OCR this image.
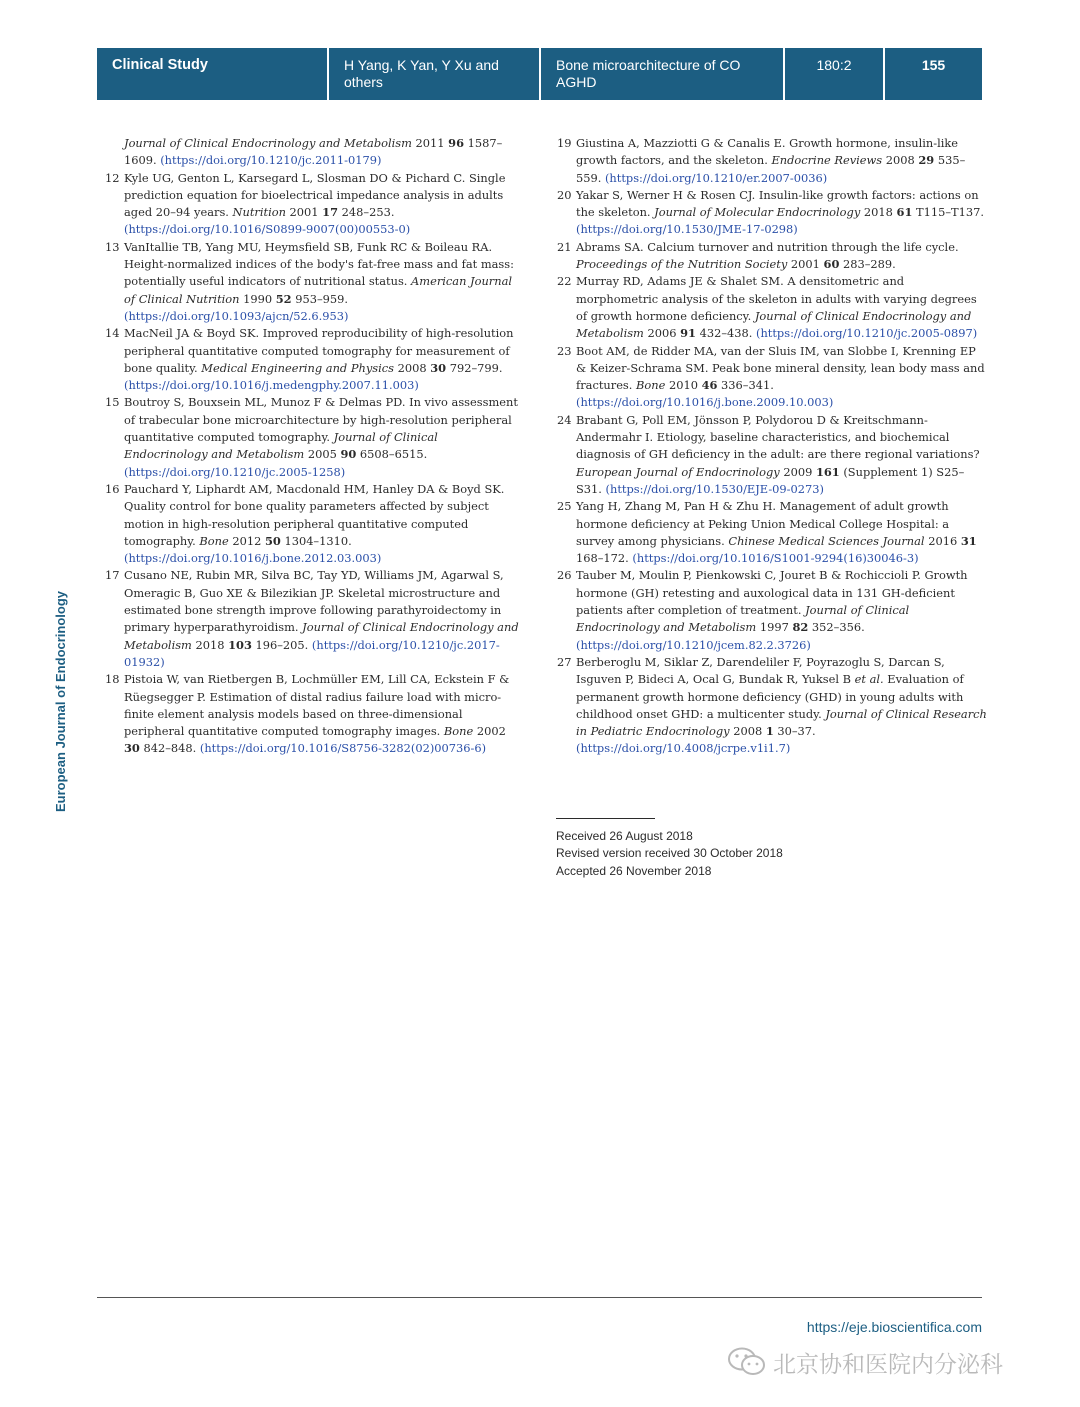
Clinical Study	H Yang, K Yan, Y Xu and others
Bone microarchitecture of CO AGHD
180:2	155
European Journal of Endocrinology
Journal of Clinical Endocrinology and Metabolism 2011 96 1587–1609. (https://doi.org/10.1210/jc.2011-0179)
12 Kyle UG, Genton L, Karsegard L, Slosman DO & Pichard C. Single prediction equation for bioelectrical impedance analysis in adults aged 20–94 years. Nutrition 2001 17 248–253. (https://doi.org/10.1016/S0899-9007(00)00553-0)
13 VanItallie TB, Yang MU, Heymsfield SB, Funk RC & Boileau RA. Height-normalized indices of the body's fat-free mass and fat mass: potentially useful indicators of nutritional status. American Journal of Clinical Nutrition 1990 52 953–959. (https://doi.org/10.1093/ajcn/52.6.953)
14 MacNeil JA & Boyd SK. Improved reproducibility of high-resolution peripheral quantitative computed tomography for measurement of bone quality. Medical Engineering and Physics 2008 30 792–799. (https://doi.org/10.1016/j.medengphy.2007.11.003)
15 Boutroy S, Bouxsein ML, Munoz F & Delmas PD. In vivo assessment of trabecular bone microarchitecture by high-resolution peripheral quantitative computed tomography. Journal of Clinical Endocrinology and Metabolism 2005 90 6508–6515. (https://doi.org/10.1210/jc.2005-1258)
16 Pauchard Y, Liphardt AM, Macdonald HM, Hanley DA & Boyd SK. Quality control for bone quality parameters affected by subject motion in high-resolution peripheral quantitative computed tomography. Bone 2012 50 1304–1310. (https://doi.org/10.1016/j.bone.2012.03.003)
17 Cusano NE, Rubin MR, Silva BC, Tay YD, Williams JM, Agarwal S, Omeragic B, Guo XE & Bilezikian JP. Skeletal microstructure and estimated bone strength improve following parathyroidectomy in primary hyperparathyroidism. Journal of Clinical Endocrinology and Metabolism 2018 103 196–205. (https://doi.org/10.1210/jc.2017-01932)
18 Pistoia W, van Rietbergen B, Lochmüller EM, Lill CA, Eckstein F & Rüegsegger P. Estimation of distal radius failure load with micro-finite element analysis models based on three-dimensional peripheral quantitative computed tomography images. Bone 2002 30 842–848. (https://doi.org/10.1016/S8756-3282(02)00736-6)
19 Giustina A, Mazziotti G & Canalis E. Growth hormone, insulin-like growth factors, and the skeleton. Endocrine Reviews 2008 29 535–559. (https://doi.org/10.1210/er.2007-0036)
20 Yakar S, Werner H & Rosen CJ. Insulin-like growth factors: actions on the skeleton. Journal of Molecular Endocrinology 2018 61 T115–T137. (https://doi.org/10.1530/JME-17-0298)
21 Abrams SA. Calcium turnover and nutrition through the life cycle. Proceedings of the Nutrition Society 2001 60 283–289.
22 Murray RD, Adams JE & Shalet SM. A densitometric and morphometric analysis of the skeleton in adults with varying degrees of growth hormone deficiency. Journal of Clinical Endocrinology and Metabolism 2006 91 432–438. (https://doi.org/10.1210/jc.2005-0897)
23 Boot AM, de Ridder MA, van der Sluis IM, van Slobbe I, Krenning EP & Keizer-Schrama SM. Peak bone mineral density, lean body mass and fractures. Bone 2010 46 336–341. (https://doi.org/10.1016/j.bone.2009.10.003)
24 Brabant G, Poll EM, Jönsson P, Polydorou D & Kreitschmann-Andermahr I. Etiology, baseline characteristics, and biochemical diagnosis of GH deficiency in the adult: are there regional variations? European Journal of Endocrinology 2009 161 (Supplement 1) S25–S31. (https://doi.org/10.1530/EJE-09-0273)
25 Yang H, Zhang M, Pan H & Zhu H. Management of adult growth hormone deficiency at Peking Union Medical College Hospital: a survey among physicians. Chinese Medical Sciences Journal 2016 31 168–172. (https://doi.org/10.1016/S1001-9294(16)30046-3)
26 Tauber M, Moulin P, Pienkowski C, Jouret B & Rochiccioli P. Growth hormone (GH) retesting and auxological data in 131 GH-deficient patients after completion of treatment. Journal of Clinical Endocrinology and Metabolism 1997 82 352–356. (https://doi.org/10.1210/jcem.82.2.3726)
27 Berberoglu M, Siklar Z, Darendeliler F, Poyrazoglu S, Darcan S, Isguven P, Bideci A, Ocal G, Bundak R, Yuksel B et al. Evaluation of permanent growth hormone deficiency (GHD) in young adults with childhood onset GHD: a multicenter study. Journal of Clinical Research in Pediatric Endocrinology 2008 1 30–37. (https://doi.org/10.4008/jcrpe.v1i1.7)
Received 26 August 2018
Revised version received 30 October 2018
Accepted 26 November 2018
https://eje.bioscientifica.com
北京协和医院内分泌科
